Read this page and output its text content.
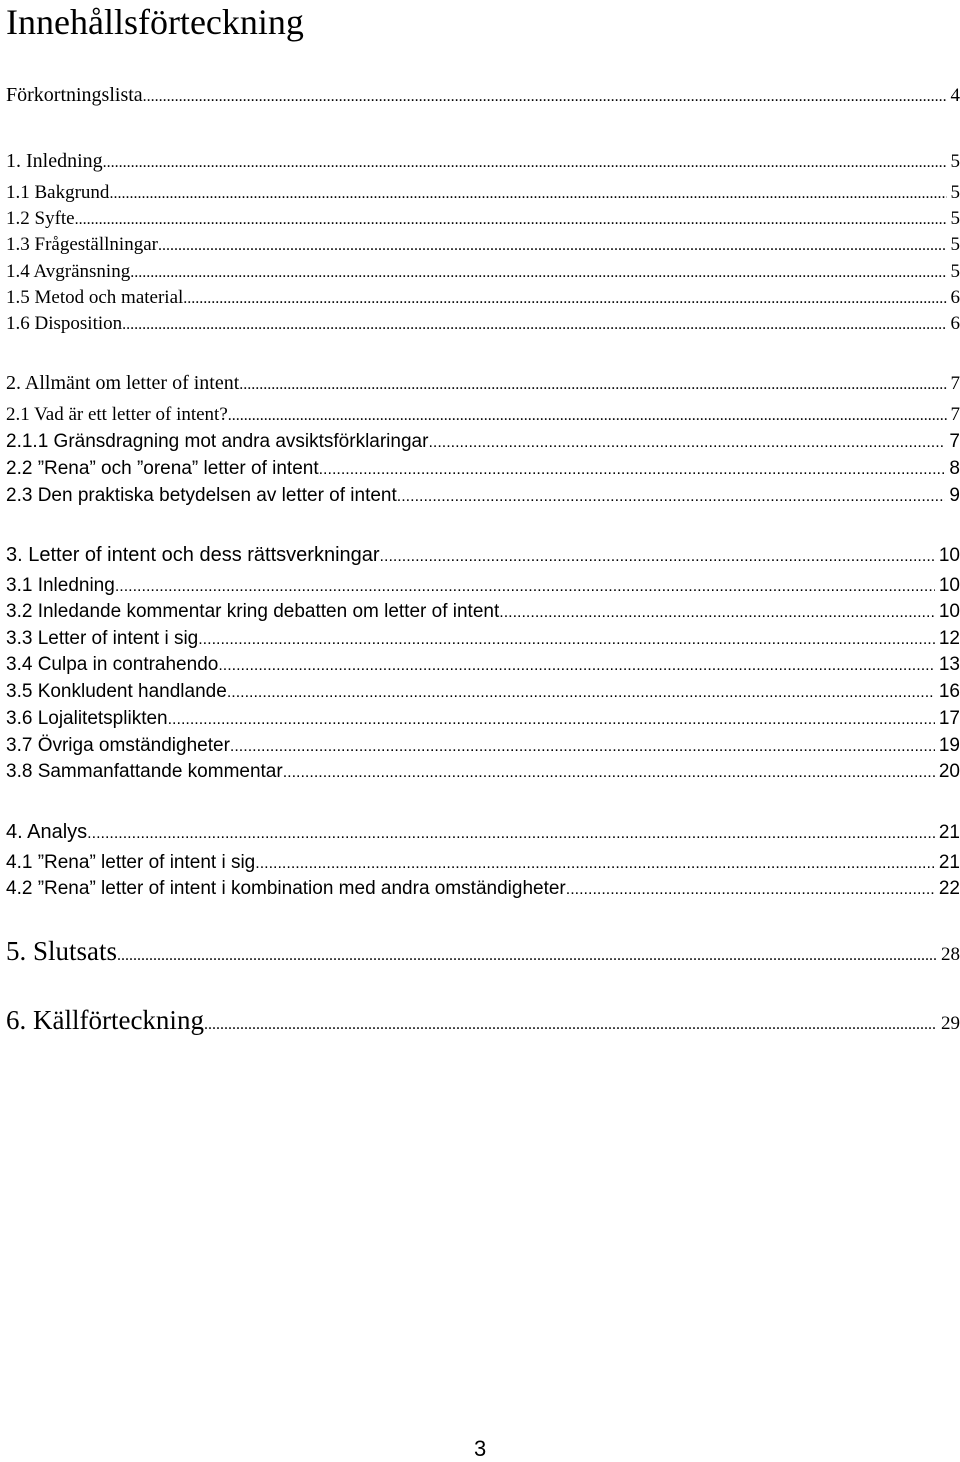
Innehållsförteckning
Förkortningslista .....	4
1. Inledning .....	5
1.1 Bakgrund .....	5
1.2 Syfte .....	5
1.3 Frågeställningar .....	5
1.4 Avgränsning .....	5
1.5 Metod och material .....	6
1.6 Disposition .....	6
2. Allmänt om letter of intent .....	7
2.1 Vad är ett letter of intent? .....	7
2.1.1 Gränsdragning mot andra avsiktsförklaringar .....	7
2.2 ”Rena” och ”orena” letter of intent .....	8
2.3 Den praktiska betydelsen av letter of intent .....	9
3. Letter of intent och dess rättsverkningar .....	10
3.1 Inledning .....	10
3.2 Inledande kommentar kring debatten om letter of intent .....	10
3.3 Letter of intent i sig .....	12
3.4 Culpa in contrahendo .....	13
3.5 Konkludent handlande .....	16
3.6 Lojalitetsplikten .....	17
3.7 Övriga omständigheter .....	19
3.8 Sammanfattande kommentar .....	20
4. Analys .....	21
4.1 ”Rena” letter of intent i sig .....	21
4.2 ”Rena” letter of intent i kombination med andra omständigheter .....	22
5. Slutsats .....	28
6. Källförteckning .....	29
3
